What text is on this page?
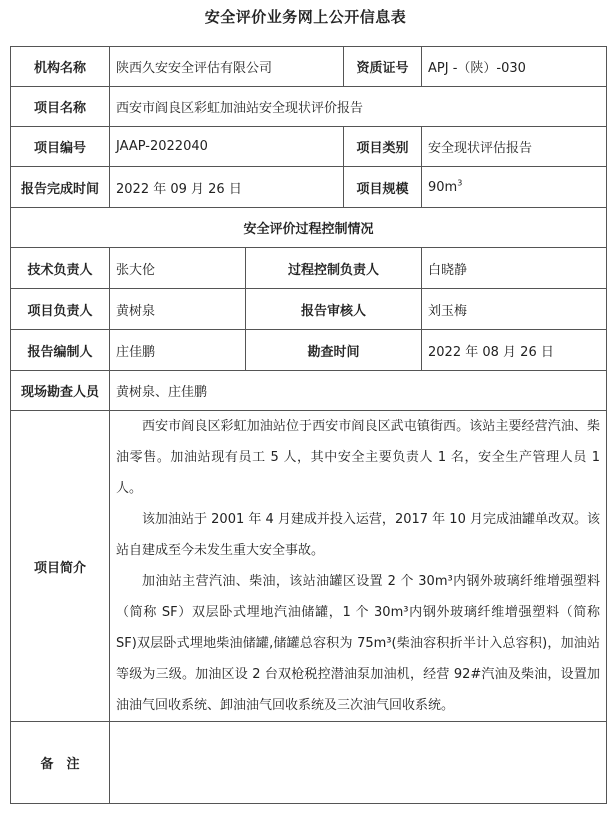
安全评价业务网上公开信息表
机构名称	陕西久安安全评估有限公司		资质证号	APJ -（陕）-030
项目名称	西安市阎良区彩虹加油站安全现状评价报告			
项目编号	JAAP-2022040		项目类别	安全现状评估报告
报告完成时间	2022 年 09 月 26 日		项目规模	$90m^3$
安全评价过程控制情况				
技术负责人	张大伦	过程控制负责人		白晓静
项目负责人	黄树泉	报告审核人		刘玉梅
报告编制人	庄佳鹏	勘查时间		2022 年 08 月 26 日
现场勘查人员	黄树泉、庄佳鹏			
项目简介	西安市阎良区彩虹加油站位于西安市阎良区武屯镇街西。该站主要经营汽油、柴油零售。加油站现有员工 5 人，其中安全主要负责人 1 名，安全生产管理人员 1 人。

该加油站于 2001 年 4 月建成并投入运营，2017 年 10 月完成油罐单改双。该站自建成至今未发生重大安全事故。

加油站主营汽油、柴油，该站油罐区设置 2 个 30m³内钢外玻璃纤维增强塑料（简称 SF）双层卧式埋地汽油储罐，1 个 30m³内钢外玻璃纤维增强塑料（简称 SF)双层卧式埋地柴油储罐,储罐总容积为 75m³(柴油容积折半计入总容积)，加油站等级为三级。加油区设 2 台双枪税控潜油泵加油机，经营 92#汽油及柴油，设置加油油气回收系统、卸油油气回收系统及三次油气回收系统。			

备　注				
